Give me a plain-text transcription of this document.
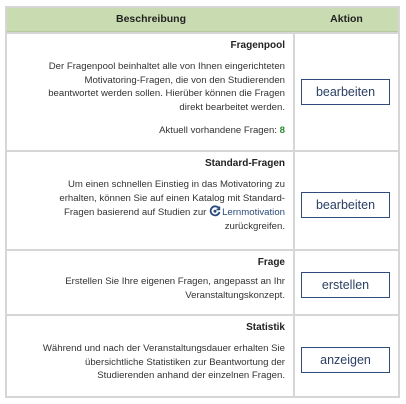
Beschreibung	Aktion
Fragenpool
Der Fragenpool beinhaltet alle von Ihnen eingerichteten
Motivatoring-Fragen, die von den Studierenden
beantwortet werden sollen. Hierüber können die Fragen
direkt bearbeitet werden.
Aktuell vorhandene Fragen: 8
bearbeiten
Standard-Fragen
Um einen schnellen Einstieg in das Motivatoring zu
erhalten, können Sie auf einen Katalog mit Standard-
Fragen basierend auf Studien zur Lernmotivation
zurückgreifen.
bearbeiten
Frage
Erstellen Sie Ihre eigenen Fragen, angepasst an Ihr
Veranstaltungskonzept.
erstellen
Statistik
Während und nach der Veranstaltungsdauer erhalten Sie
übersichtliche Statistiken zur Beantwortung der
Studierenden anhand der einzelnen Fragen.
anzeigen
